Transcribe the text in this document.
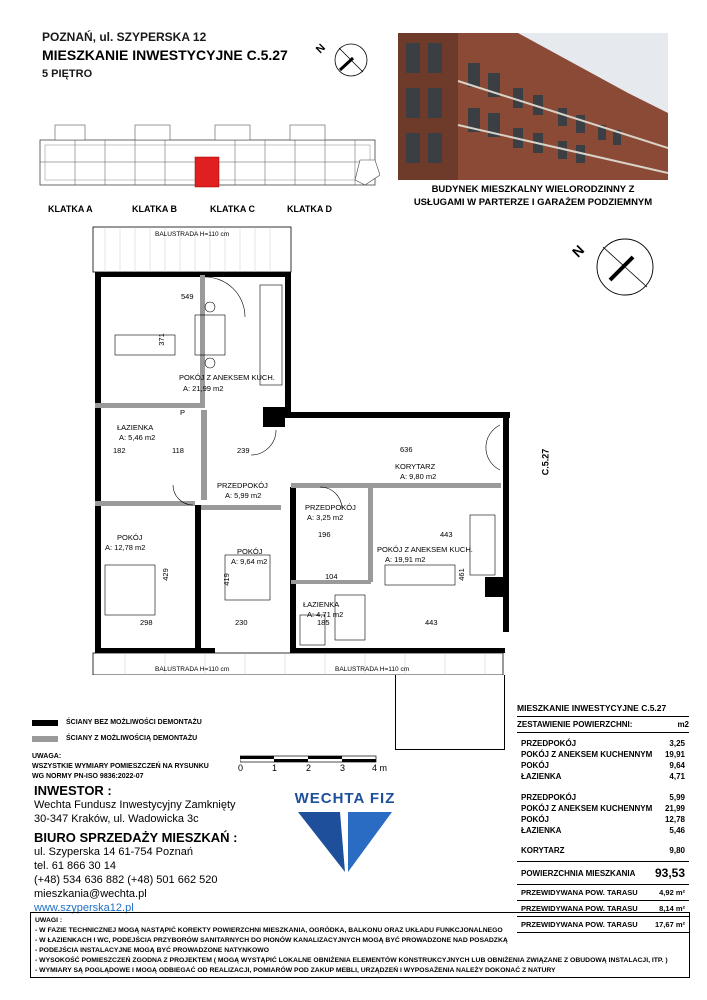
POZNAŃ, ul. SZYPERSKA 12
MIESZKANIE INWESTYCYJNE C.5.27
5 PIĘTRO
N
KLATKA A	KLATKA B	KLATKA C	KLATKA D
BUDYNEK MIESZKALNY WIELORODZINNY Z
USŁUGAMI W PARTERZE I GARAŻEM PODZIEMNYM
N
BALUSTRADA H=110 cm
549
371
POKÓJ Z ANEKSEM KUCH.
A: 21,99 m2
ŁAZIENKA
A: 5,46 m2
182	118
P
239
PRZEDPOKÓJ
A: 5,99 m2
636
KORYTARZ
A: 9,80 m2
C.5.27
PRZEDPOKÓJ
A: 3,25 m2
196	443
POKÓJ
A: 12,78 m2	POKÓJ
A: 9,64 m2
POKÓJ Z ANEKSEM KUCH.
A: 19,91 m2
429	419	104	461
ŁAZIENKA
A: 4,71 m2
298	230	185	443
BALUSTRADA H=110 cm	BALUSTRADA H=110 cm
ŚCIANY BEZ MOŻLIWOŚCI DEMONTAŻU
ŚCIANY Z MOŻLIWOŚCIĄ DEMONTAŻU
UWAGA:
WSZYSTKIE WYMIARY POMIESZCZEŃ NA RYSUNKU
WG NORMY PN-ISO 9836:2022-07
0	1	2	3	4 m
MIESZKANIE INWESTYCYJNE C.5.27
ZESTAWIENIE POWIERZCHNI:	m2
PRZEDPOKÓJ	3,25
POKÓJ Z ANEKSEM KUCHENNYM 19,91
POKÓJ	9,64
ŁAZIENKA	4,71
PRZEDPOKÓJ	5,99
POKÓJ Z ANEKSEM KUCHENNYM 21,99
POKÓJ	12,78
ŁAZIENKA	5,46
KORYTARZ	9,80
POWIERZCHNIA MIESZKANIA 93,53
PRZEWIDYWANA POW. TARASU	4,92 m²
PRZEWIDYWANA POW. TARASU	8,14 m²
PRZEWIDYWANA POW. TARASU 17,67 m²
INWESTOR :
Wechta Fundusz Inwestycyjny Zamknięty
30-347 Kraków, ul. Wadowicka 3c
BIURO SPRZEDAŻY MIESZKAŃ :
ul. Szyperska 14 61-754 Poznań
tel. 61 866 30 14
(+48) 534 636 882 (+48) 501 662 520
mieszkania@wechta.pl
www.szyperska12.pl
WECHTA FIZ
UWAGI :
- W FAZIE TECHNICZNEJ MOGĄ NASTĄPIĆ KOREKTY POWIERZCHNI MIESZKANIA, OGRÓDKA, BALKONU ORAZ UKŁADU FUNKCJONALNEGO
- W ŁAZIENKACH I WC, PODEJŚCIA PRZYBORÓW SANITARNYCH DO PIONÓW KANALIZACYJNYCH MOGĄ BYĆ PROWADZONE NAD POSADZKĄ
- PODEJŚCIA INSTALACYJNE MOGĄ BYĆ PROWADZONE NATYNKOWO
- WYSOKOŚĆ POMIESZCZEŃ ZGODNA Z PROJEKTEM ( MOGĄ WYSTĄPIĆ LOKALNE OBNIŻENIA ELEMENTÓW KONSTRUKCYJNYCH LUB OBNIŻENIA ZWIĄZANE Z OBUDOWĄ INSTALACJI, ITP. )
- WYMIARY SĄ POGLĄDOWE I MOGĄ ODBIEGAĆ OD REALIZACJI, POMIARÓW POD ZAKUP MEBLI, URZĄDZEŃ I WYPOSAŻENIA NALEŻY DOKONAĆ Z NATURY
